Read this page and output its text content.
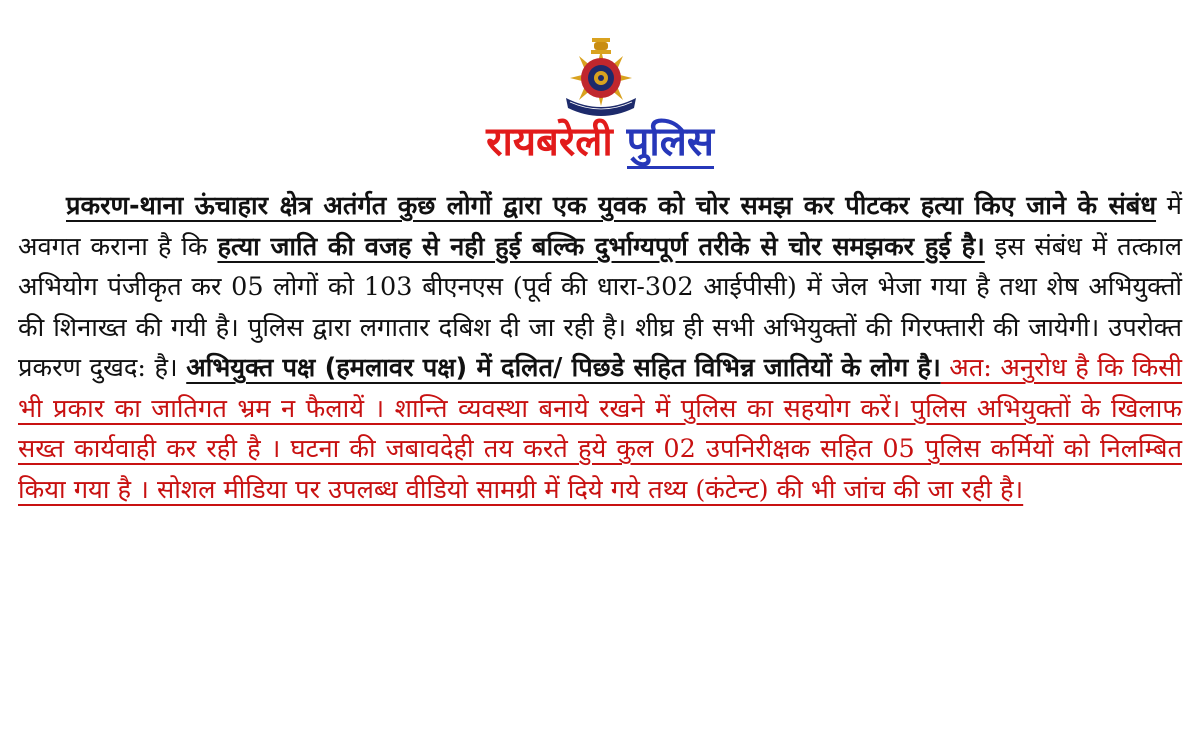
रायबरेली पुलिस
प्रकरण-थाना ऊंचाहार क्षेत्र अतंर्गत कुछ लोगों द्वारा एक युवक को चोर समझ कर पीटकर हत्या किए जाने के संबंध में अवगत कराना है कि हत्या जाति की वजह से नही हुई बल्कि दुर्भाग्यपूर्ण तरीके से चोर समझकर हुई है। इस संबंध में तत्काल अभियोग पंजीकृत कर 05 लोगों को 103 बीएनएस (पूर्व की धारा-302 आईपीसी) में जेल भेजा गया है तथा शेष अभियुक्तों की शिनाख्त की गयी है। पुलिस द्वारा लगातार दबिश दी जा रही है। शीघ्र ही सभी अभियुक्तों की गिरफ्तारी की जायेगी। उपरोक्त प्रकरण दुखद: है। अभियुक्त पक्ष (हमलावर पक्ष) में दलित/ पिछडे सहित विभिन्न जातियों के लोग है। अत: अनुरोध है कि किसी भी प्रकार का जातिगत भ्रम न फैलायें । शान्ति व्यवस्था बनाये रखने में पुलिस का सहयोग करें। पुलिस अभियुक्तों के खिलाफ सख्त कार्यवाही कर रही है । घटना की जबावदेही तय करते हुये कुल 02 उपनिरीक्षक सहित 05 पुलिस कर्मियों को निलम्बित किया गया है । सोशल मीडिया पर उपलब्ध वीडियो सामग्री में दिये गये तथ्य (कंटेन्ट) की भी जांच की जा रही है।
